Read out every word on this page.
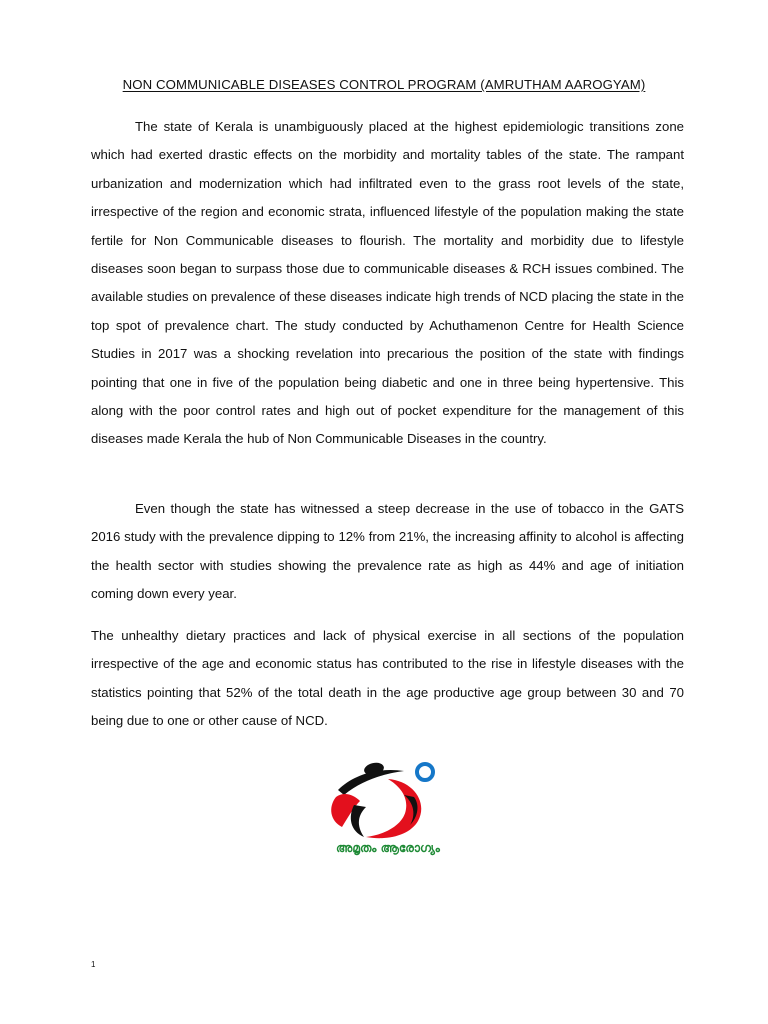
NON COMMUNICABLE DISEASES CONTROL PROGRAM (AMRUTHAM AAROGYAM)

The state of Kerala is unambiguously placed at the highest epidemiologic transitions zone which had exerted drastic effects on the morbidity and mortality tables of the state. The rampant urbanization and modernization which had infiltrated even to the grass root levels of the state, irrespective of the region and economic strata, influenced lifestyle of the population making the state fertile for Non Communicable diseases to flourish. The mortality and morbidity due to lifestyle diseases soon began to surpass those due to communicable diseases & RCH issues combined. The available studies on prevalence of these diseases indicate high trends of NCD placing the state in the top spot of prevalence chart. The study conducted by Achuthamenon Centre for Health Science Studies in 2017 was a shocking revelation into precarious the position of the state with findings pointing that one in five of the population being diabetic and one in three being hypertensive. This along with the poor control rates and high out of pocket expenditure for the management of this diseases made Kerala the hub of Non Communicable Diseases in the country.

Even though the state has witnessed a steep decrease in the use of tobacco in the GATS 2016 study with the prevalence dipping to 12% from 21%, the increasing affinity to alcohol is affecting the health sector with studies showing the prevalence rate as high as 44% and age of initiation coming down every year.

The unhealthy dietary practices and lack of physical exercise in all sections of the population irrespective of the age and economic status has contributed to the rise in lifestyle diseases with the statistics pointing that 52% of the total death in the age productive age group between 30 and 70 being due to one or other cause of NCD.

അമൃതം ആരോഗ്യം
1
